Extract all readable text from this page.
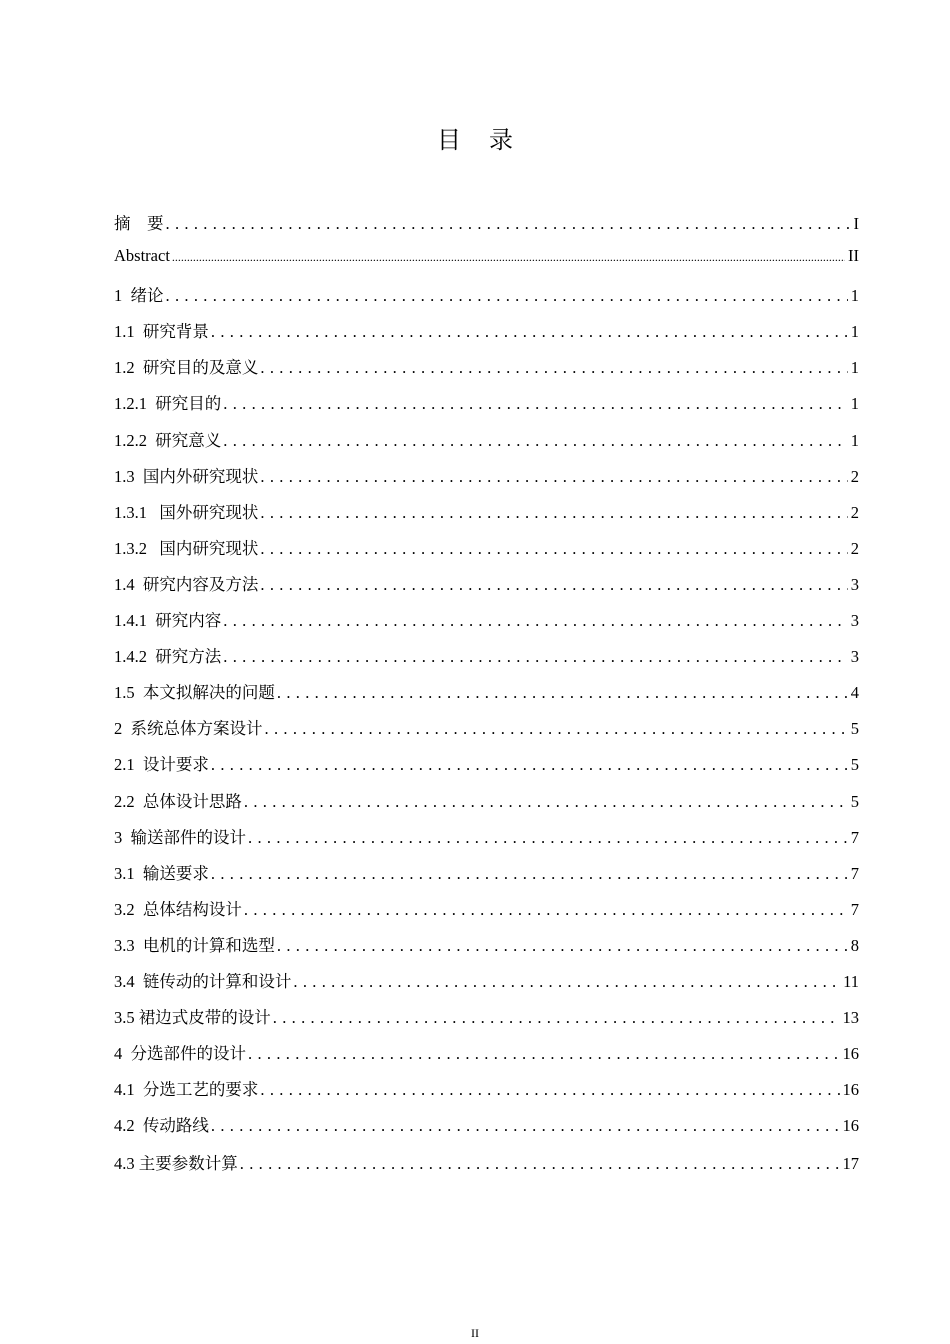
目录
摘　要 . . .	I
Abstract .....	II
1  绪论 . . .	1
1.1  研究背景 . . .	1
1.2  研究目的及意义 . . .	1
1.2.1  研究目的 . . .	1
1.2.2  研究意义 . . .	1
1.3  国内外研究现状 . . .	2
1.3.1   国外研究现状 . . .	2
1.3.2   国内研究现状 . . .	2
1.4  研究内容及方法 . . .	3
1.4.1  研究内容 . . .	3
1.4.2  研究方法 . . .	3
1.5  本文拟解决的问题 . . .	4
2  系统总体方案设计 . . .	5
2.1  设计要求 . . .	5
2.2  总体设计思路 . . .	5
3  输送部件的设计 . . .	7
3.1  输送要求 . . .	7
3.2  总体结构设计 . . .	7
3.3  电机的计算和选型 . . .	8
3.4  链传动的计算和设计 . . .	11
3.5 裙边式皮带的设计 . . .	13
4  分选部件的设计 . . .	16
4.1  分选工艺的要求 . . .	16
4.2  传动路线 . . .	16
4.3 主要参数计算 . . .	17
II
